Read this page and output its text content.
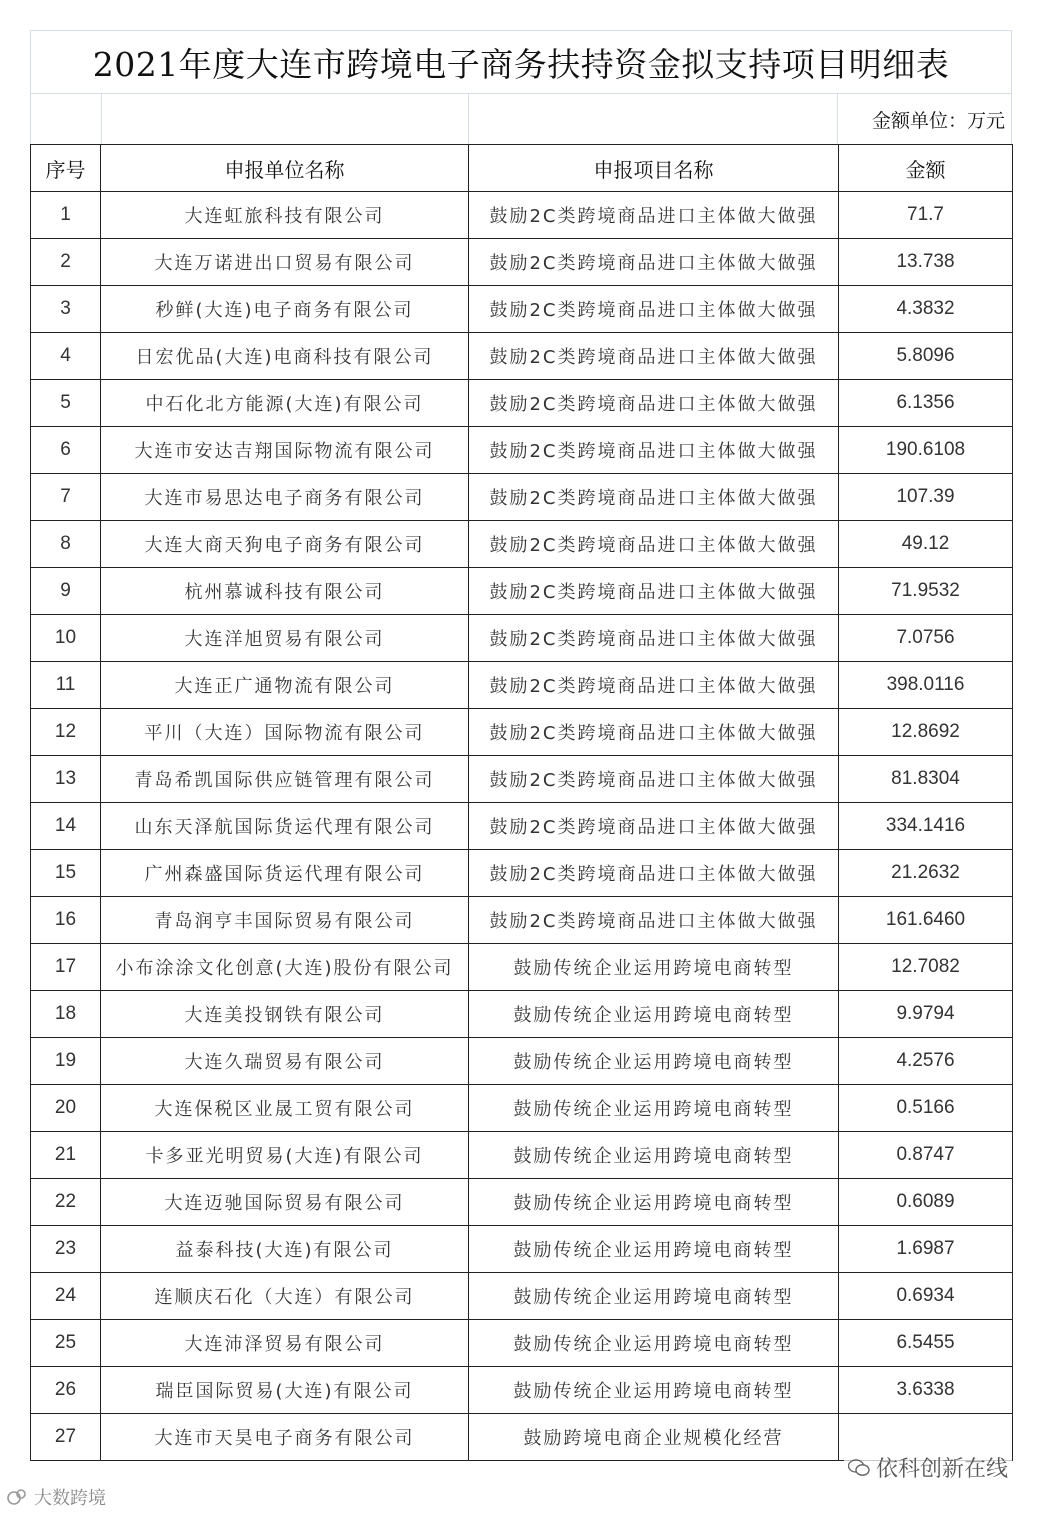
2021年度大连市跨境电子商务扶持资金拟支持项目明细表
金额单位：万元
序号	申报单位名称	申报项目名称	金额
1	大连虹旅科技有限公司	鼓励2C类跨境商品进口主体做大做强	71.7
2	大连万诺进出口贸易有限公司	鼓励2C类跨境商品进口主体做大做强	13.738
3	秒鲜(大连)电子商务有限公司	鼓励2C类跨境商品进口主体做大做强	4.3832
4	日宏优品(大连)电商科技有限公司	鼓励2C类跨境商品进口主体做大做强	5.8096
5	中石化北方能源(大连)有限公司	鼓励2C类跨境商品进口主体做大做强	6.1356
6	大连市安达吉翔国际物流有限公司	鼓励2C类跨境商品进口主体做大做强	190.6108
7	大连市易思达电子商务有限公司	鼓励2C类跨境商品进口主体做大做强	107.39
8	大连大商天狗电子商务有限公司	鼓励2C类跨境商品进口主体做大做强	49.12
9	杭州慕诚科技有限公司	鼓励2C类跨境商品进口主体做大做强	71.9532
10	大连洋旭贸易有限公司	鼓励2C类跨境商品进口主体做大做强	7.0756
11	大连正广通物流有限公司	鼓励2C类跨境商品进口主体做大做强	398.0116
12	平川（大连）国际物流有限公司	鼓励2C类跨境商品进口主体做大做强	12.8692
13	青岛希凯国际供应链管理有限公司	鼓励2C类跨境商品进口主体做大做强	81.8304
14	山东天泽航国际货运代理有限公司	鼓励2C类跨境商品进口主体做大做强	334.1416
15	广州森盛国际货运代理有限公司	鼓励2C类跨境商品进口主体做大做强	21.2632
16	青岛润亨丰国际贸易有限公司	鼓励2C类跨境商品进口主体做大做强	161.6460
17	小布涂涂文化创意(大连)股份有限公司	鼓励传统企业运用跨境电商转型	12.7082
18	大连美投钢铁有限公司	鼓励传统企业运用跨境电商转型	9.9794
19	大连久瑞贸易有限公司	鼓励传统企业运用跨境电商转型	4.2576
20	大连保税区业晟工贸有限公司	鼓励传统企业运用跨境电商转型	0.5166
21	卡多亚光明贸易(大连)有限公司	鼓励传统企业运用跨境电商转型	0.8747
22	大连迈驰国际贸易有限公司	鼓励传统企业运用跨境电商转型	0.6089
23	益泰科技(大连)有限公司	鼓励传统企业运用跨境电商转型	1.6987
24	连顺庆石化（大连）有限公司	鼓励传统企业运用跨境电商转型	0.6934
25	大连沛泽贸易有限公司	鼓励传统企业运用跨境电商转型	6.5455
26	瑞臣国际贸易(大连)有限公司	鼓励传统企业运用跨境电商转型	3.6338
27	大连市天昊电子商务有限公司	鼓励跨境电商企业规模化经营	
依科创新在线
大数跨境
